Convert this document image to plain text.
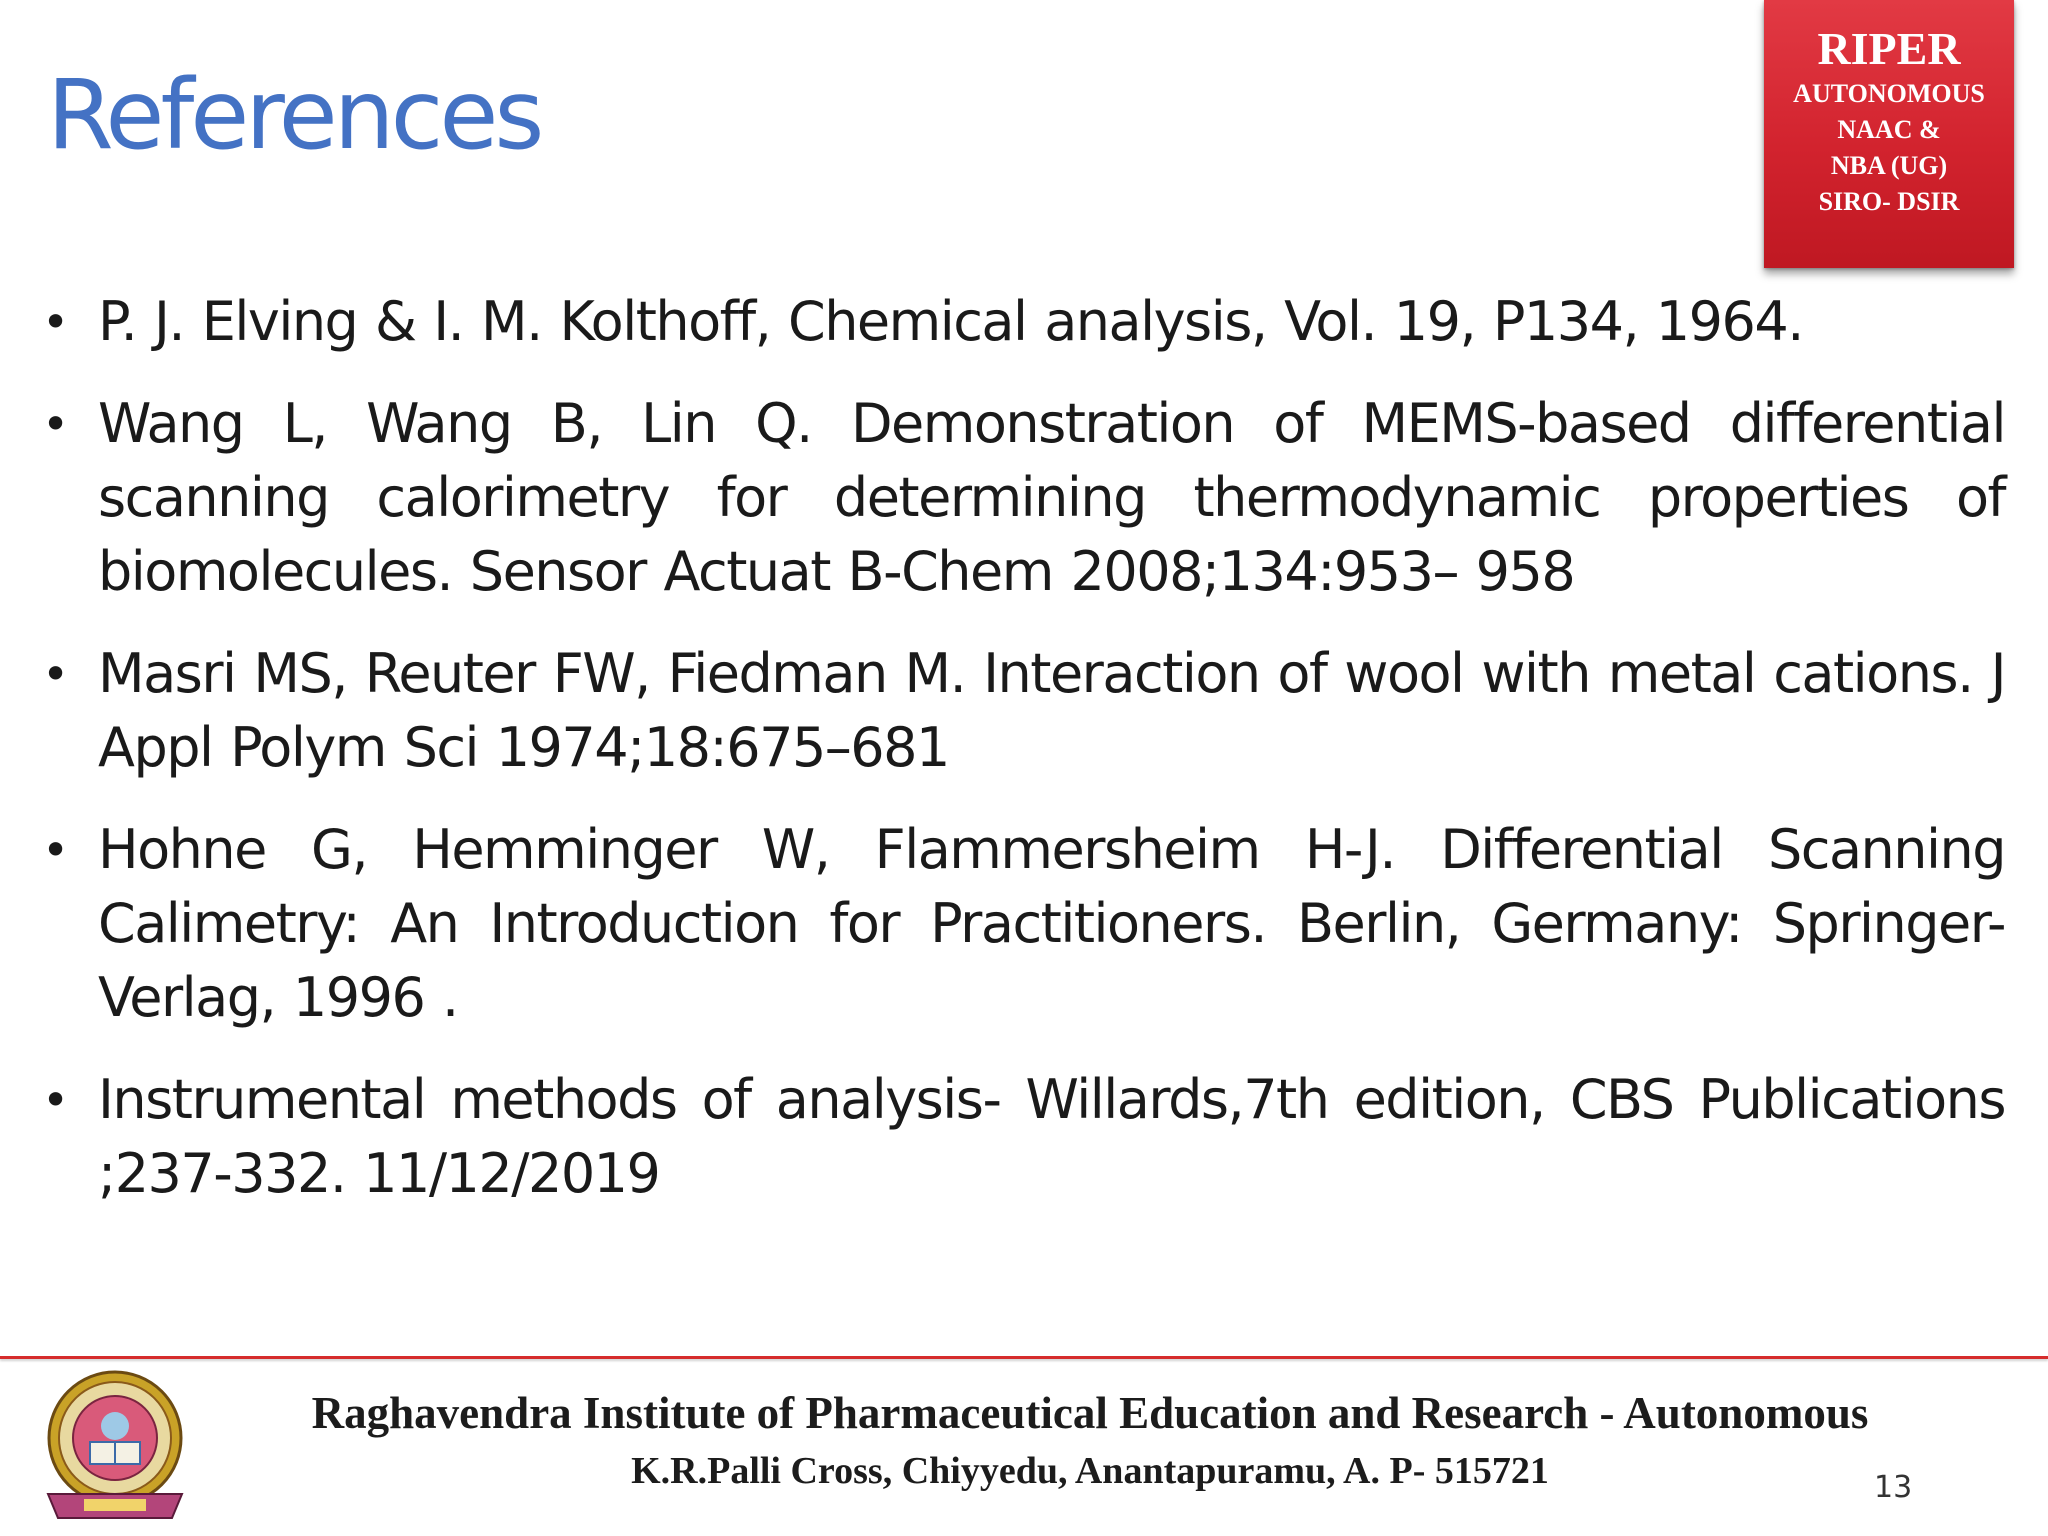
References
RIPER
AUTONOMOUS
NAAC &
NBA (UG)
SIRO- DSIR
• P. J. Elving & I. M. Kolthoff, Chemical analysis, Vol. 19, P134, 1964.
• Wang L, Wang B, Lin Q. Demonstration of MEMS-based differential scanning calorimetry for determining thermodynamic properties of biomolecules. Sensor Actuat B-Chem 2008;134:953– 958
• Masri MS, Reuter FW, Fiedman M. Interaction of wool with metal cations. J Appl Polym Sci 1974;18:675–681
• Hohne G, Hemminger W, Flammersheim H-J. Differential Scanning Calimetry: An Introduction for Practitioners. Berlin, Germany: Springer-Verlag, 1996 .
• Instrumental methods of analysis- Willards,7th edition, CBS Publications ;237-332. 11/12/2019
Raghavendra Institute of Pharmaceutical Education and Research - Autonomous
K.R.Palli Cross, Chiyyedu, Anantapuramu, A. P- 515721	13
